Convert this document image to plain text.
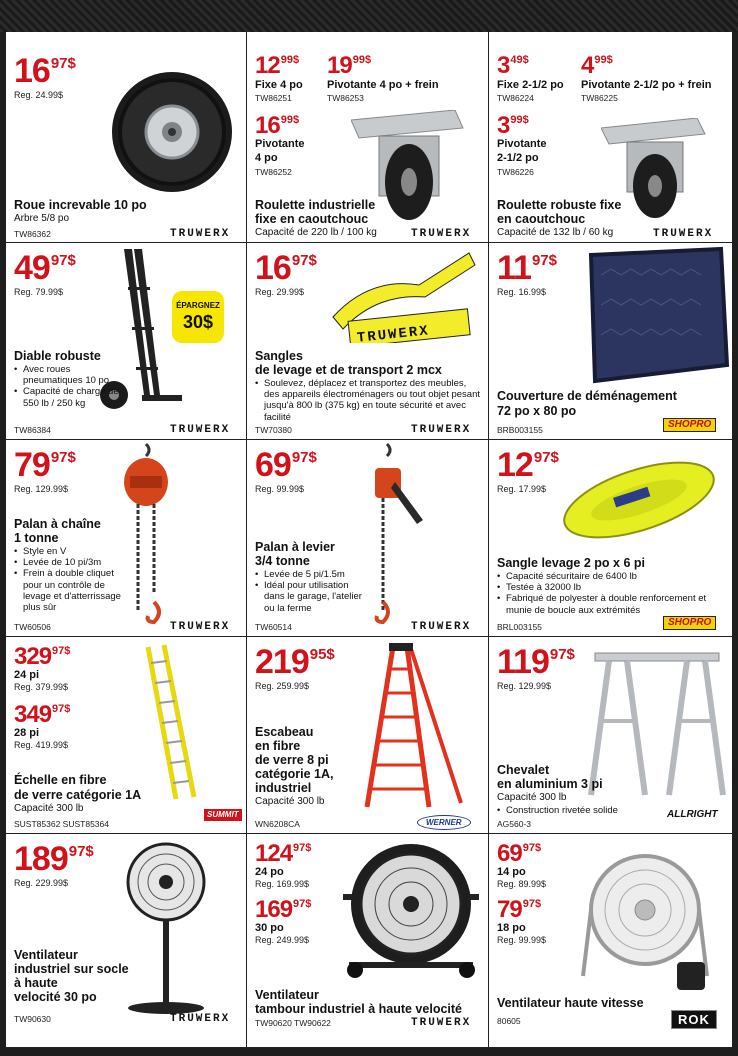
1697$
Reg. 24.99$
Roue increvable 10 po
Arbre 5/8 po
TW86362	TRUWERX
$12^{99\$}$
Fixe 4 po
TW86251
$19^{99\$}$
Pivotante 4 po + frein
TW86253
$16^{99\$}$
Pivotante
4 po
TW86252
Roulette industrielle
fixe en caoutchouc
Capacité de 220 lb / 100 kg	TRUWERX
$3^{49\$}$
Fixe 2-1/2 po
TW86224
$4^{99\$}$
Pivotante 2-1/2 po + frein
TW86225
$3^{99\$}$
Pivotante
2-1/2 po
TW86226
Roulette robuste fixe
en caoutchouc
Capacité de 132 lb / 60 kg	TRUWERX
4997$
Reg. 79.99$
ÉPARGNEZ
30$
Diable robuste
• Avec roues pneumatiques 10 po
• Capacité de charge de 550 lb / 250 kg
TW86384	TRUWERX
1697$
Reg. 29.99$
TRUWERX
Sangles
de levage et de transport 2 mcx
• Soulevez, déplacez et transportez des meubles, des appareils électroménagers ou tout objet pesant jusqu'à 800 lb (375 kg) en toute sécurité et avec facilité
TW70380	TRUWERX
1197$
Reg. 16.99$
Couverture de déménagement
72 po x 80 po
BRB003155	SHOPRO
7997$
Reg. 129.99$
Palan à chaîne
1 tonne
• Style en V
• Levée de 10 pi/3m
• Frein à double cliquet pour un contrôle de levage et d'atterrissage plus sûr
TW60506	TRUWERX
6997$
Reg. 99.99$
Palan à levier
3/4 tonne
• Levée de 5 pi/1.5m
• Idéal pour utilisation dans le garage, l'atelier ou la ferme
TW60514	TRUWERX
1297$
Reg. 17.99$
Sangle levage 2 po x 6 pi
• Capacité sécuritaire de 6400 lb
• Testée à 32000 lb
• Fabriqué de polyester à double renforcement et munie de boucle aux extrémités
BRL003155	SHOPRO
$329^{97\$}$
24 pi
Reg. 379.99$
$349^{97\$}$
28 pi
Reg. 419.99$
Échelle en fibre
de verre catégorie 1A
Capacité 300 lb
SUST85362 SUST85364
SUMMIT
21995$
Reg. 259.99$
Escabeau
en fibre
de verre 8 pi
catégorie 1A,
industriel
Capacité 300 lb
WN6208CA	WERNER
11997$
Reg. 129.99$
Chevalet
en aluminium 3 pi
Capacité 300 lb
• Construction rivetée solide
AG560-3
ALLRIGHT
18997$
Reg. 229.99$
Ventilateur
industriel sur socle
à haute
velocité 30 po
TW90630	TRUWERX
$124^{97\$}$
24 po
Reg. 169.99$
$169^{97\$}$
30 po
Reg. 249.99$
Ventilateur
tambour industriel à haute velocité
TW90620 TW90622	TRUWERX
$69^{97\$}$
14 po
Reg. 89.99$
$79^{97\$}$
18 po
Reg. 99.99$
Ventilateur haute vitesse
80605	ROK
